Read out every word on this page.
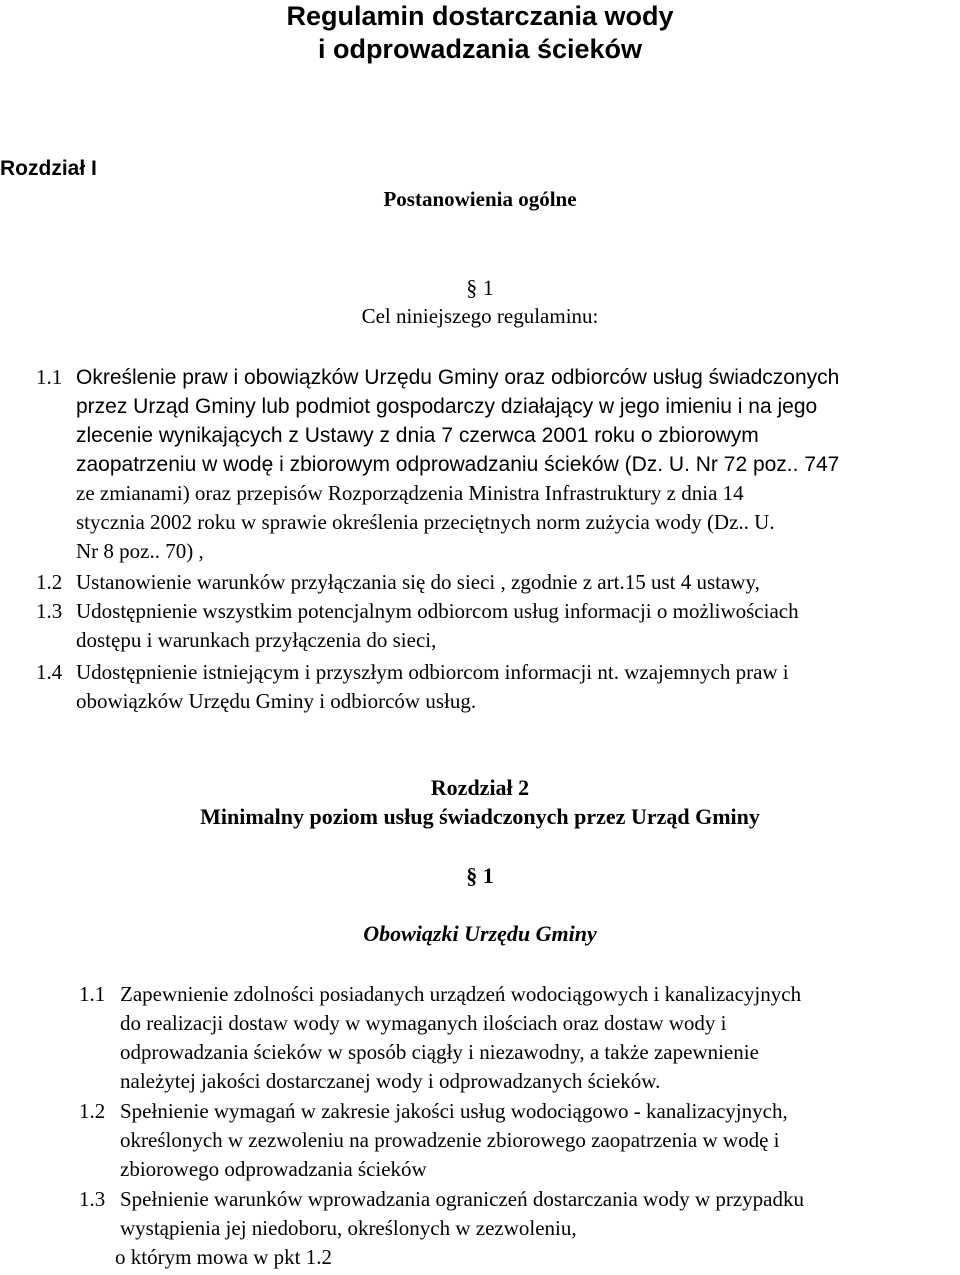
Regulamin dostarczania wody
i odprowadzania ścieków
Rozdział I
Postanowienia ogólne
§ 1
Cel niniejszego regulaminu:
1.1 Określenie praw i obowiązków Urzędu Gminy oraz odbiorców usług świadczonych
przez Urząd Gminy lub podmiot gospodarczy działający w jego imieniu i na jego
zlecenie wynikających z Ustawy z dnia 7 czerwca 2001 roku o zbiorowym
zaopatrzeniu w wodę i zbiorowym odprowadzaniu ścieków (Dz. U. Nr 72 poz.. 747
ze zmianami) oraz przepisów Rozporządzenia Ministra Infrastruktury z dnia 14
stycznia 2002 roku w sprawie określenia przeciętnych norm zużycia wody (Dz.. U.
Nr 8 poz.. 70) ,
1.2 Ustanowienie warunków przyłączania się do sieci , zgodnie z art.15 ust 4 ustawy,
1.3 Udostępnienie wszystkim potencjalnym odbiorcom usług informacji o możliwościach
dostępu i warunkach przyłączenia do sieci,
1.4 Udostępnienie istniejącym i przyszłym odbiorcom informacji nt. wzajemnych praw i
obowiązków Urzędu Gminy i odbiorców usług.
Rozdział 2
Minimalny poziom usług świadczonych przez Urząd Gminy
§ 1
Obowiązki Urzędu Gminy
1.1 Zapewnienie zdolności posiadanych urządzeń wodociągowych i kanalizacyjnych
do realizacji dostaw wody w wymaganych ilościach oraz dostaw wody i
odprowadzania ścieków w sposób ciągły i niezawodny, a także zapewnienie
należytej jakości dostarczanej wody i odprowadzanych ścieków.
1.2 Spełnienie wymagań w zakresie jakości usług wodociągowo - kanalizacyjnych,
określonych w zezwoleniu na prowadzenie zbiorowego zaopatrzenia w wodę i
zbiorowego odprowadzania ścieków
1.3 Spełnienie warunków wprowadzania ograniczeń dostarczania wody w przypadku
wystąpienia jej niedoboru, określonych w zezwoleniu,
o którym mowa w pkt 1.2
